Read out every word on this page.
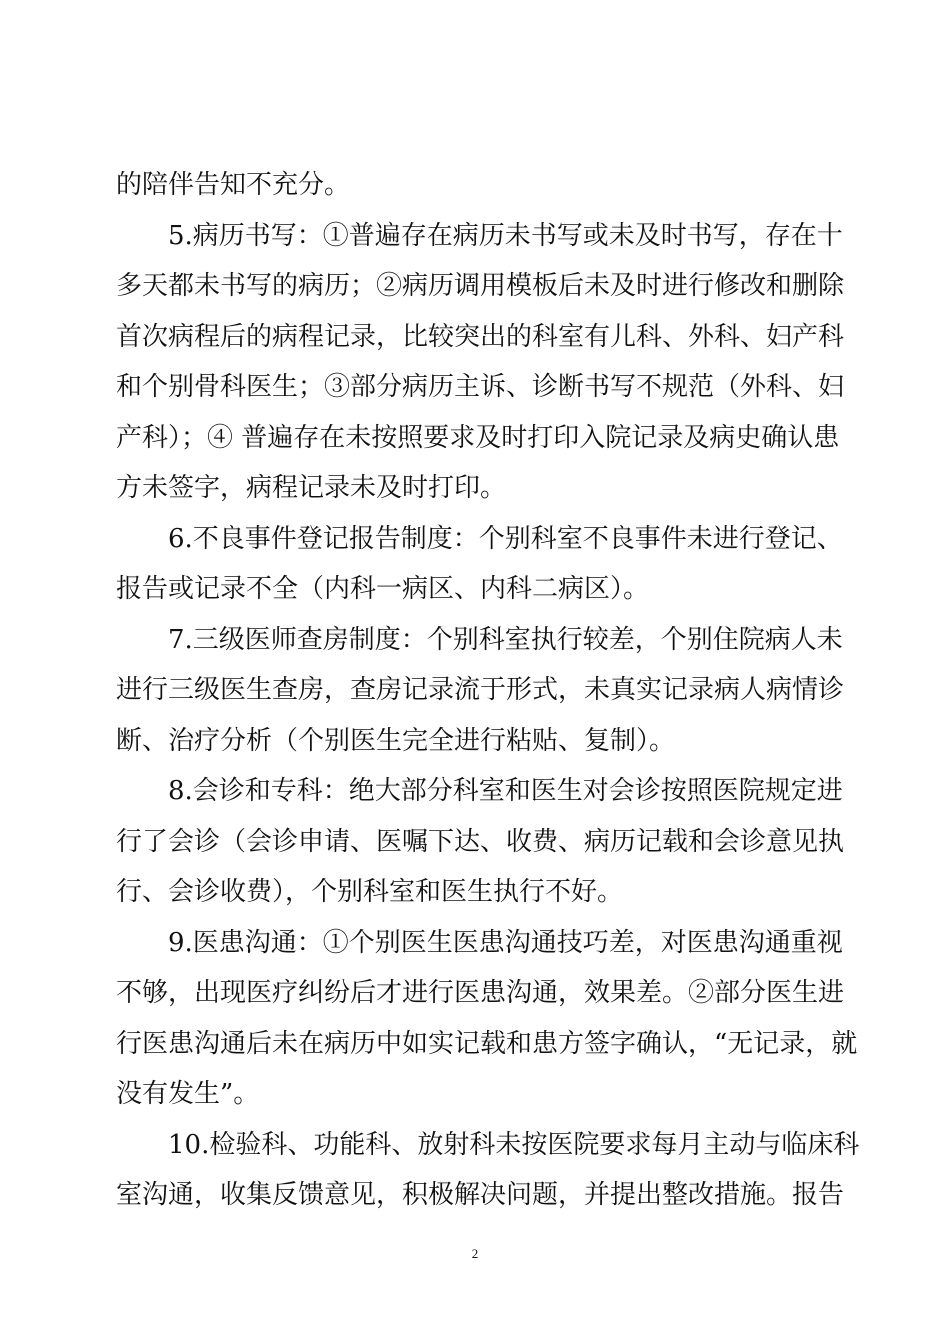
的陪伴告知不充分。
5.病历书写：①普遍存在病历未书写或未及时书写，存在十
多天都未书写的病历；②病历调用模板后未及时进行修改和删除
首次病程后的病程记录，比较突出的科室有儿科、外科、妇产科
和个别骨科医生；③部分病历主诉、诊断书写不规范（外科、妇
产科）；④ 普遍存在未按照要求及时打印入院记录及病史确认患
方未签字，病程记录未及时打印。
6.不良事件登记报告制度：个别科室不良事件未进行登记、
报告或记录不全（内科一病区、内科二病区）。
7.三级医师查房制度：个别科室执行较差，个别住院病人未
进行三级医生查房，查房记录流于形式，未真实记录病人病情诊
断、治疗分析（个别医生完全进行粘贴、复制）。
8.会诊和专科：绝大部分科室和医生对会诊按照医院规定进
行了会诊（会诊申请、医嘱下达、收费、病历记载和会诊意见执
行、会诊收费），个别科室和医生执行不好。
9.医患沟通：①个别医生医患沟通技巧差，对医患沟通重视
不够，出现医疗纠纷后才进行医患沟通，效果差。②部分医生进
行医患沟通后未在病历中如实记载和患方签字确认，“无记录，就
没有发生”。
10.检验科、功能科、放射科未按医院要求每月主动与临床科
室沟通，收集反馈意见，积极解决问题，并提出整改措施。报告
2
